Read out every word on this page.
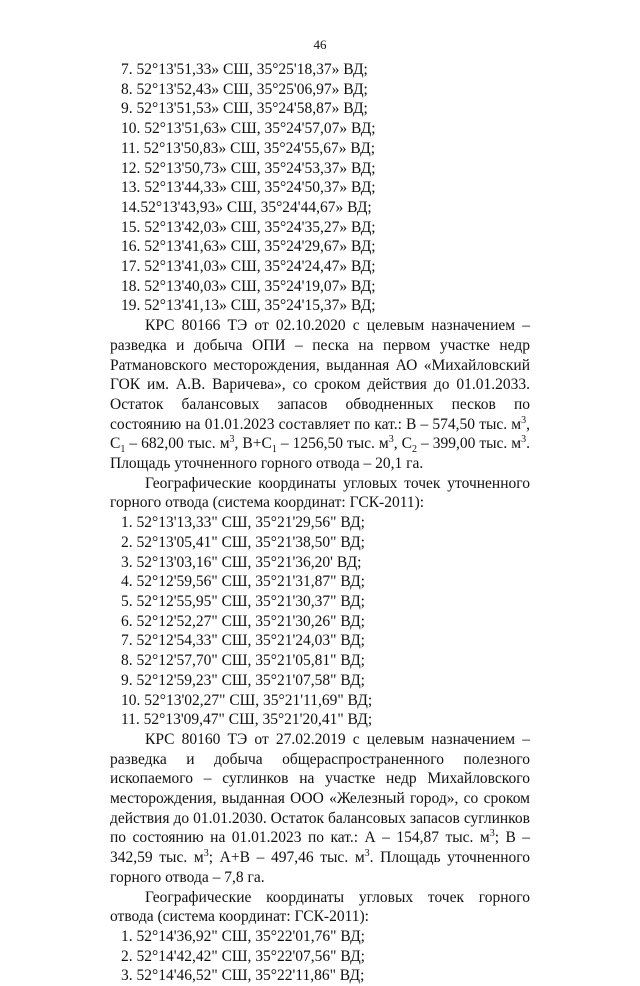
46
7. 52°13'51,33» СШ, 35°25'18,37» ВД;
8. 52°13'52,43» СШ, 35°25'06,97» ВД;
9. 52°13'51,53» СШ, 35°24'58,87» ВД;
10. 52°13'51,63» СШ, 35°24'57,07» ВД;
11. 52°13'50,83» СШ, 35°24'55,67» ВД;
12. 52°13'50,73» СШ, 35°24'53,37» ВД;
13. 52°13'44,33» СШ, 35°24'50,37» ВД;
14.52°13'43,93» СШ, 35°24'44,67» ВД;
15. 52°13'42,03» СШ, 35°24'35,27» ВД;
16. 52°13'41,63» СШ, 35°24'29,67» ВД;
17. 52°13'41,03» СШ, 35°24'24,47» ВД;
18. 52°13'40,03» СШ, 35°24'19,07» ВД;
19. 52°13'41,13» СШ, 35°24'15,37» ВД;
КРС 80166 ТЭ от 02.10.2020 с целевым назначением – разведка и добыча ОПИ – песка на первом участке недр Ратмановского месторождения, выданная АО «Михайловский ГОК им. А.В. Варичева», со сроком действия до 01.01.2033. Остаток балансовых запасов обводненных песков по состоянию на 01.01.2023 составляет по кат.: В – 574,50 тыс. $м^3$, $С_1 - 682,00$ тыс. $м^3$, $В+С_1 - 1256,50$ тыс. $м^3$, $С_2 - 399,00$ тыс. $м^3$. Площадь уточненного горного отвода – 20,1 га.
Географические координаты угловых точек уточненного горного отвода (система координат: ГСК-2011):
1. 52°13'13,33" СШ, 35°21'29,56" ВД;
2. 52°13'05,41" СШ, 35°21'38,50" ВД;
3. 52°13'03,16" СШ, 35°21'36,20' ВД;
4. 52°12'59,56" СШ, 35°21'31,87" ВД;
5. 52°12'55,95" СШ, 35°21'30,37" ВД;
6. 52°12'52,27" СШ, 35°21'30,26" ВД;
7. 52°12'54,33" СШ, 35°21'24,03" ВД;
8. 52°12'57,70" СШ, 35°21'05,81" ВД;
9. 52°12'59,23" СШ, 35°21'07,58" ВД;
10. 52°13'02,27" СШ, 35°21'11,69" ВД;
11. 52°13'09,47" СШ, 35°21'20,41" ВД;
КРС 80160 ТЭ от 27.02.2019 с целевым назначением – разведка и добыча общераспространенного полезного ископаемого – суглинков на участке недр Михайловского месторождения, выданная ООО «Железный город», со сроком действия до 01.01.2030. Остаток балансовых запасов суглинков по состоянию на 01.01.2023 по кат.: А – 154,87 тыс. $м^3$; В – 342,59 тыс. $м^3$; А+В – 497,46 тыс. $м^3$. Площадь уточненного горного отвода – 7,8 га.
Географические координаты угловых точек горного отвода (система координат: ГСК-2011):
1. 52°14'36,92" СШ, 35°22'01,76" ВД;
2. 52°14'42,42" СШ, 35°22'07,56" ВД;
3. 52°14'46,52" СШ, 35°22'11,86" ВД;
